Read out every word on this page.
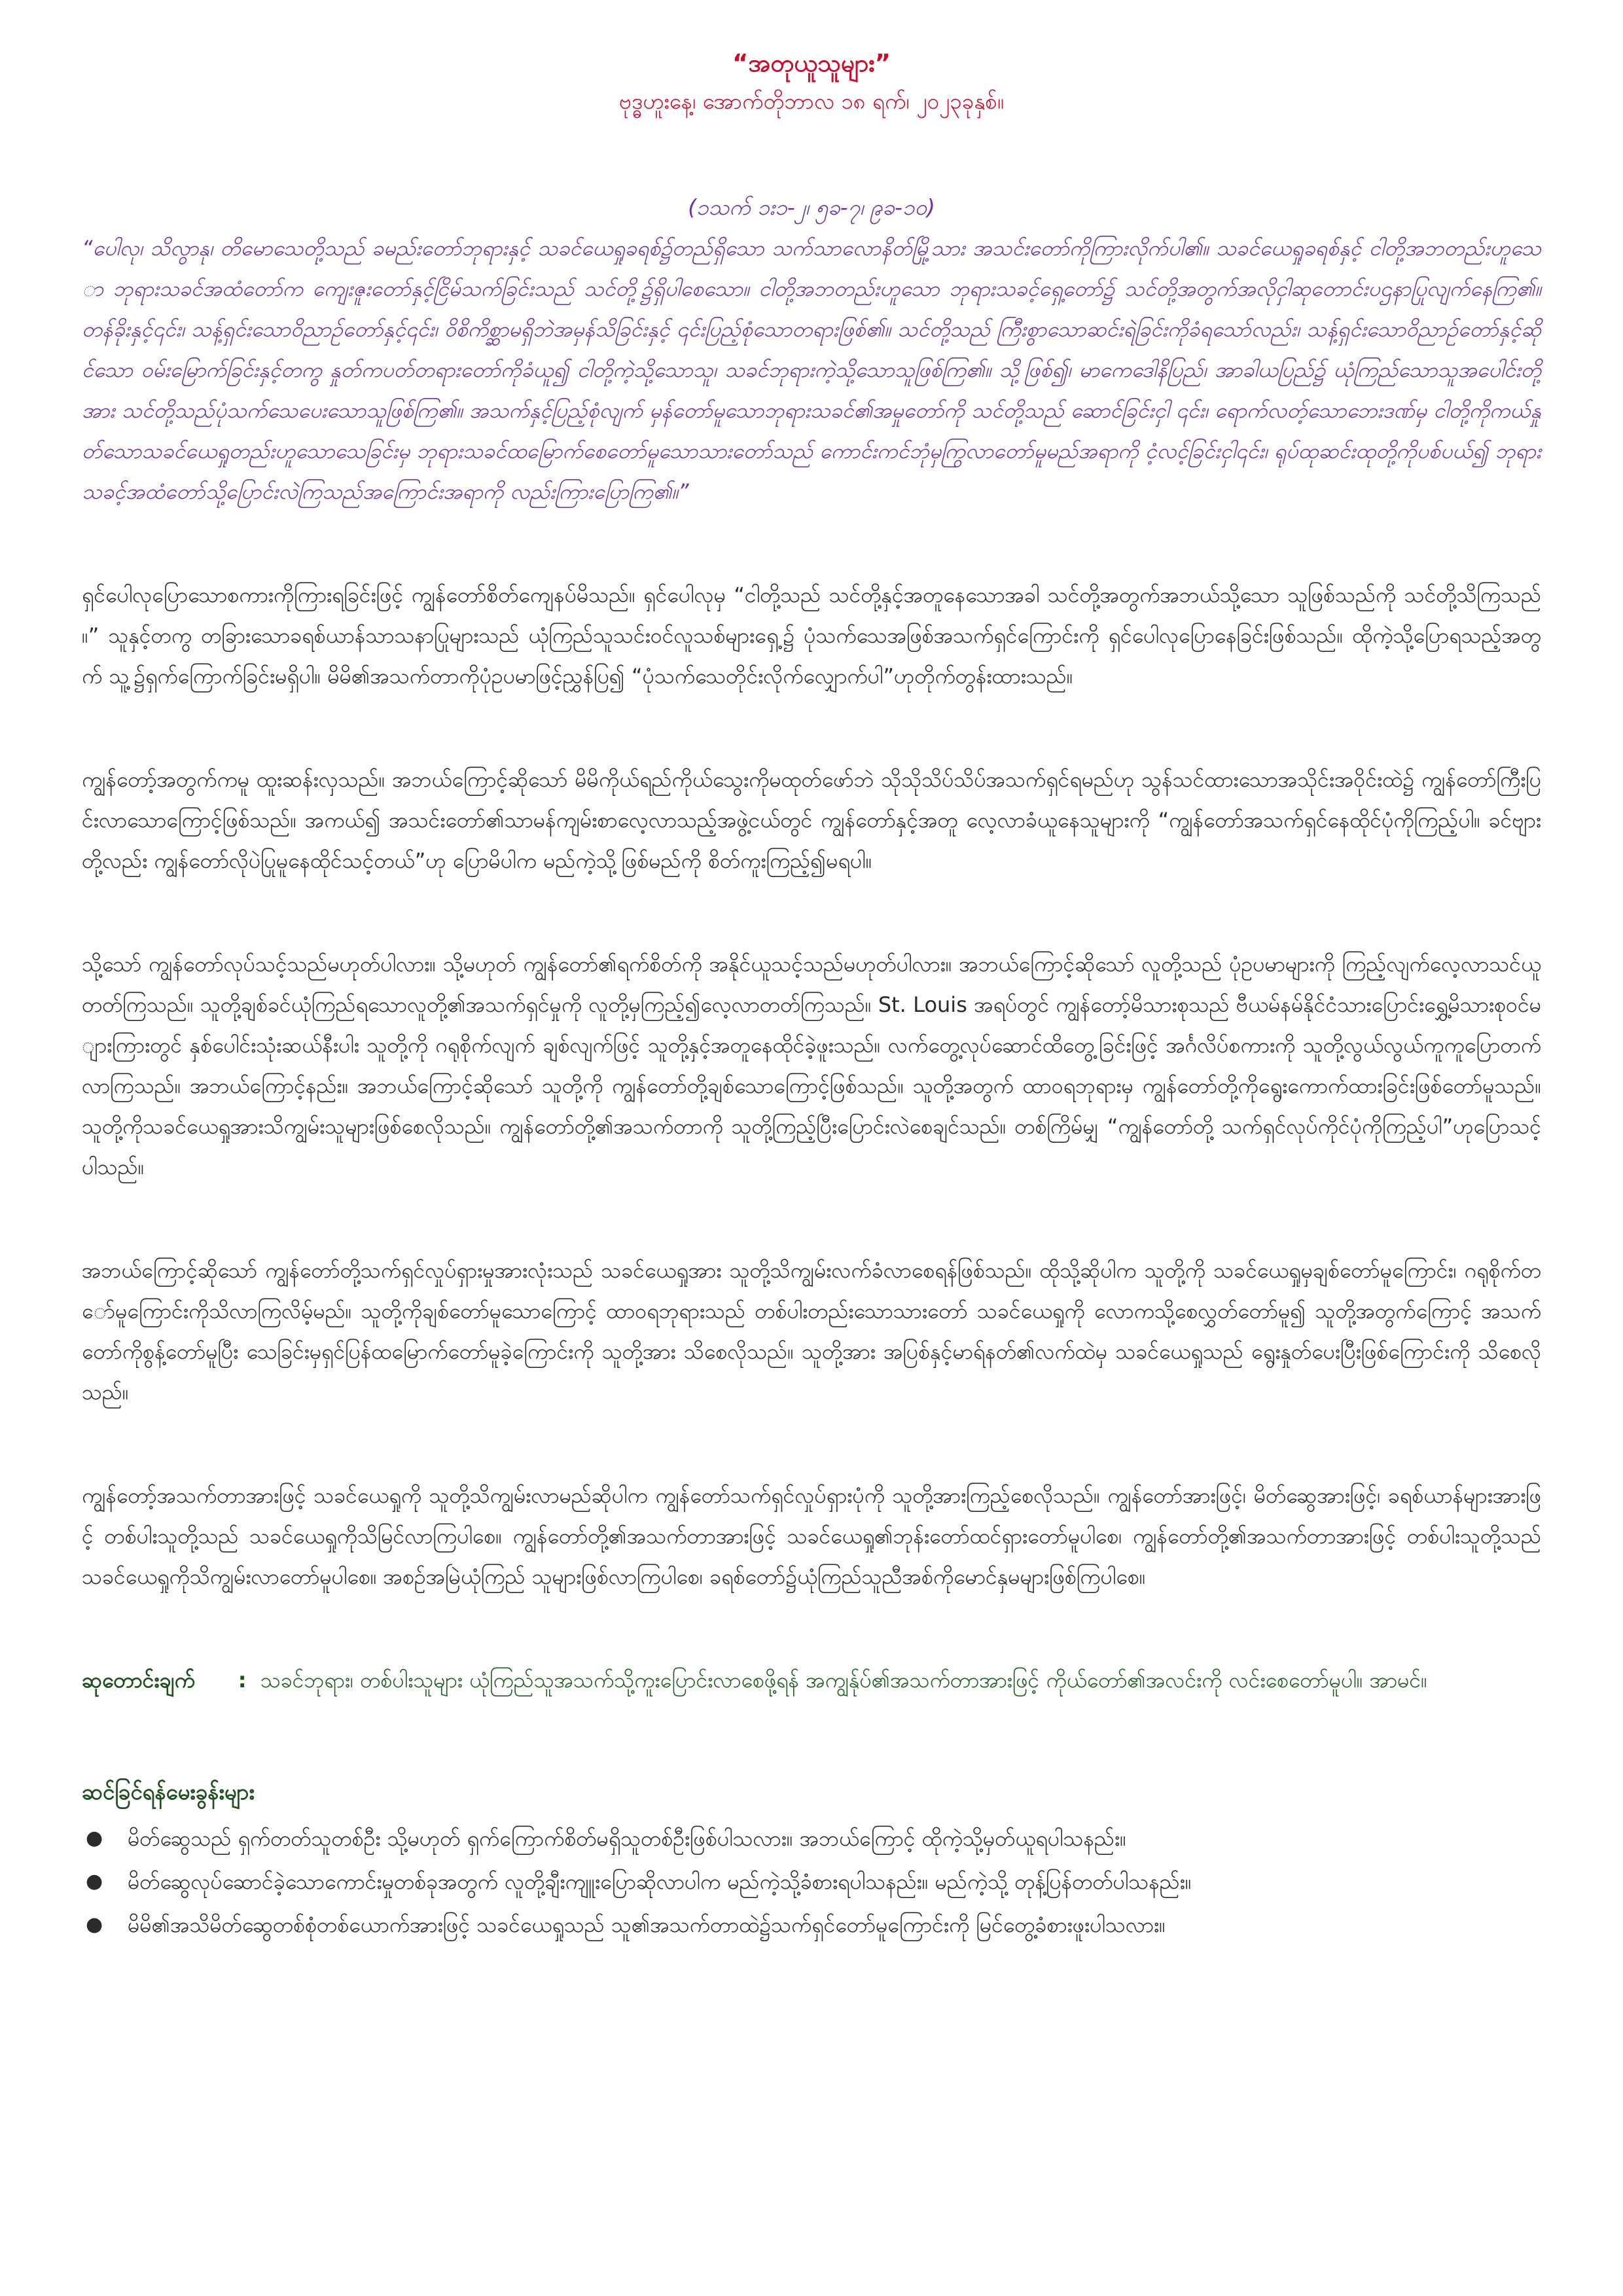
“အတုယူသူများ”

ဗုဒ္ဓဟူးနေ့၊ အောက်တိုဘာလ ၁၈ ရက်၊ ၂၀၂၃ခုနှစ်။

(၁သက် ၁း၁-၂၊ ၅ခ-၇၊ ၉ခ-၁၀)

“ပေါလု၊ သိလွာနု၊ တိမောသေတို့သည် ခမည်းတော်ဘုရားနှင့် သခင်ယေရှုခရစ်၌တည်ရှိသော သက်သာလောနိတ်မြို့သား အသင်းတော်ကိုကြားလိုက်ပါ၏။ သခင်ယေရှုခရစ်နှင့် ငါတို့အဘတည်းဟူသော ဘုရားသခင်အထံတော်က ကျေးဇူးတော်နှင့်ငြိမ်သက်ခြင်းသည် သင်တို့၌ရှိပါစေသော။ ငါတို့အဘတည်းဟူသော ဘုရားသခင့်ရှေ့တော်၌ သင်တို့အတွက်အလိုငှါဆုတောင်းပဌနာပြုလျက်နေကြ၏။ တန်ခိုးနှင့်၎င်း၊ သန့်ရှင်းသောဝိညာဉ်တော်နှင့်၎င်း၊ ဝိစိကိစ္ဆာမရှိဘဲအမှန်သိခြင်းနှင့် ၎င်းပြည့်စုံသောတရားဖြစ်၏။ သင်တို့သည် ကြီးစွာသောဆင်းရဲခြင်းကိုခံရသော်လည်း၊ သန့်ရှင်းသောဝိညာဉ်တော်နှင့်ဆိုင်သော ဝမ်းမြောက်ခြင်းနှင့်တကွ နှုတ်ကပတ်တရားတော်ကိုခံယူ၍ ငါတို့ကဲ့သို့သောသူ၊ သခင်ဘုရားကဲ့သို့သောသူဖြစ်ကြ၏။ သို့ဖြစ်၍၊ မာကေဒေါနိပြည်၊ အာခါယပြည်၌ ယုံကြည်သောသူအပေါင်းတို့အား သင်တို့သည်ပုံသက်သေပေးသောသူဖြစ်ကြ၏။ အသက်နှင့်ပြည့်စုံလျက် မှန်တော်မူသောဘုရားသခင်၏အမှုတော်ကို သင်တို့သည် ဆောင်ခြင်းငှါ ၎င်း၊ ရောက်လတ့်သောဘေးဒဏ်မှ ငါတို့ကိုကယ်နှုတ်သောသခင်ယေရှုတည်းဟူသောသေခြင်းမှ ဘုရားသခင်ထမြောက်စေတော်မူသောသားတော်သည် ကောင်းကင်ဘုံမှကြွလာတော်မူမည်အရာကို ငံ့လင့်ခြင်းငှါ၎င်း၊ ရုပ်ထုဆင်းထုတို့ကိုပစ်ပယ်၍ ဘုရားသခင့်အထံတော်သို့ပြောင်းလဲကြသည်အကြောင်းအရာကို လည်းကြားပြောကြ၏။”

ရှင်ပေါလုပြောသောစကားကိုကြားရခြင်းဖြင့် ကျွန်တော်စိတ်ကျေနပ်မိသည်။ ရှင်ပေါလုမှ “ငါတို့သည် သင်တို့နှင့်အတူနေသောအခါ သင်တို့အတွက်အဘယ်သို့သော သူဖြစ်သည်ကို သင်တို့သိကြသည်။” သူနှင့်တကွ တခြားသောခရစ်ယာန်သာသနာပြုများသည် ယုံကြည်သူသင်းဝင်လူသစ်များရှေ့၌ ပုံသက်သေအဖြစ်အသက်ရှင်ကြောင်းကို ရှင်ပေါလုပြောနေခြင်းဖြစ်သည်။ ထိုကဲ့သို့ပြောရသည့်အတွက် သူ့၌ရှက်ကြောက်ခြင်းမရှိပါ။ မိမိ၏အသက်တာကိုပုံဥပမာဖြင့်ညွှန်ပြ၍ “ပုံသက်သေတိုင်းလိုက်လျှောက်ပါ”ဟုတိုက်တွန်းထားသည်။

ကျွန်တော့်အတွက်ကမူ ထူးဆန်းလှသည်။ အဘယ်ကြောင့်ဆိုသော် မိမိကိုယ်ရည်ကိုယ်သွေးကိုမထုတ်ဖော်ဘဲ သိုသိုသိပ်သိပ်အသက်ရှင်ရမည်ဟု သွန်သင်ထားသောအသိုင်းအဝိုင်းထဲ၌ ကျွန်တော်ကြီးပြင်းလာသောကြောင့်ဖြစ်သည်။ အကယ်၍ အသင်းတော်၏သာမန်ကျမ်းစာလေ့လာသည့်အဖွဲ့ငယ်တွင် ကျွန်တော်နှင့်အတူ လေ့လာခံယူနေသူများကို “ကျွန်တော်အသက်ရှင်နေထိုင်ပုံကိုကြည့်ပါ။ ခင်ဗျားတို့လည်း ကျွန်တော်လိုပဲပြုမူနေထိုင်သင့်တယ်”ဟု ပြောမိပါက မည်ကဲ့သို့ဖြစ်မည်ကို စိတ်ကူးကြည့်၍မရပါ။

သို့သော် ကျွန်တော်လုပ်သင့်သည်မဟုတ်ပါလား။ သို့မဟုတ် ကျွန်တော်၏ရက်စိတ်ကို အနိုင်ယူသင့်သည်မဟုတ်ပါလား။ အဘယ်ကြောင့်ဆိုသော် လူတို့သည် ပုံဥပမာများကို ကြည့်လျက်လေ့လာသင်ယူတတ်ကြသည်။ သူတို့ချစ်ခင်ယုံကြည်ရသောလူတို့၏အသက်ရှင်မှုကို လူတို့မှကြည့်၍လေ့လာတတ်ကြသည်။ St. Louis အရပ်တွင် ကျွန်တော့်မိသားစုသည် ဗီယမ်နမ်နိုင်ငံသားပြောင်းရွှေ့မိသားစုဝင်များကြားတွင် နှစ်ပေါင်းသုံးဆယ်နီးပါး သူတို့ကို ဂရုစိုက်လျက် ချစ်လျက်ဖြင့် သူတို့နှင့်အတူနေထိုင်ခဲ့ဖူးသည်။ လက်တွေ့လုပ်ဆောင်ထိတွေ့ခြင်းဖြင့် အင်္ဂလိပ်စကားကို သူတို့လွယ်လွယ်ကူကူပြောတက်လာကြသည်။ အဘယ်ကြောင့်နည်း။ အဘယ်ကြောင့်ဆိုသော် သူတို့ကို ကျွန်တော်တို့ချစ်သောကြောင့်ဖြစ်သည်။ သူတို့အတွက် ထာဝရဘုရားမှ ကျွန်တော်တို့ကိုရွေးကောက်ထားခြင်းဖြစ်တော်မူသည်။ သူတို့ကိုသခင်ယေရှုအားသိကျွမ်းသူများဖြစ်စေလိုသည်။ ကျွန်တော်တို့၏အသက်တာကို သူတို့ကြည့်ပြီးပြောင်းလဲစေချင်သည်။ တစ်ကြိမ်မျှ “ကျွန်တော်တို့ သက်ရှင်လုပ်ကိုင်ပုံကိုကြည့်ပါ”ဟုပြောသင့်ပါသည်။

အဘယ်ကြောင့်ဆိုသော် ကျွန်တော်တို့သက်ရှင်လှုပ်ရှားမှုအားလုံးသည် သခင်ယေရှုအား သူတို့သိကျွမ်းလက်ခံလာစေရန်ဖြစ်သည်။ ထိုသို့ဆိုပါက သူတို့ကို သခင်ယေရှုမှချစ်တော်မူကြောင်း၊ ဂရုစိုက်တော်မူကြောင်းကိုသိလာကြလိမ့်မည်။ သူတို့ကိုချစ်တော်မူသောကြောင့် ထာဝရဘုရားသည် တစ်ပါးတည်းသောသားတော် သခင်ယေရှုကို လောကသို့စေလွှတ်တော်မူ၍ သူတို့အတွက်ကြောင့် အသက်တော်ကိုစွန့်တော်မူပြီး သေခြင်းမှရှင်ပြန်ထမြောက်တော်မူခဲ့ကြောင်းကို သူတို့အား သိစေလိုသည်။ သူတို့အား အပြစ်နှင့်မာရ်နတ်၏လက်ထဲမှ သခင်ယေရှုသည် ရွေးနှုတ်ပေးပြီးဖြစ်ကြောင်းကို သိစေလိုသည်။

ကျွန်တော့်အသက်တာအားဖြင့် သခင်ယေရှုကို သူတို့သိကျွမ်းလာမည်ဆိုပါက ကျွန်တော်သက်ရှင်လှုပ်ရှားပုံကို သူတို့အားကြည့်စေလိုသည်။ ကျွန်တော်အားဖြင့်၊ မိတ်ဆွေအားဖြင့်၊ ခရစ်ယာန်များအားဖြင့် တစ်ပါးသူတို့သည် သခင်ယေရှုကိုသိမြင်လာကြပါစေ။ ကျွန်တော်တို့၏အသက်တာအားဖြင့် သခင်ယေရှု၏ဘုန်းတော်ထင်ရှားတော်မူပါစေ၊ ကျွန်တော်တို့၏အသက်တာအားဖြင့် တစ်ပါးသူတို့သည် သခင်ယေရှုကိုသိကျွမ်းလာတော်မူပါစေ။ အစဉ်အမြဲယုံကြည် သူများဖြစ်လာကြပါစေ၊ ခရစ်တော်၌ယုံကြည်သူညီအစ်ကိုမောင်နှမများဖြစ်ကြပါစေ။

ဆုတောင်းချက် : သခင်ဘုရား၊ တစ်ပါးသူများ ယုံကြည်သူအသက်သို့ကူးပြောင်းလာစေဖို့ရန် အကျွန်ုပ်၏အသက်တာအားဖြင့် ကိုယ်တော်၏အလင်းကို လင်းစေတော်မူပါ။ အာမင်။

ဆင်ခြင်ရန်မေးခွန်းများ
● မိတ်ဆွေသည် ရှက်တတ်သူတစ်ဦး သို့မဟုတ် ရှက်ကြောက်စိတ်မရှိသူတစ်ဦးဖြစ်ပါသလား။ အဘယ်ကြောင့် ထိုကဲ့သို့မှတ်ယူရပါသနည်း။
● မိတ်ဆွေလုပ်ဆောင်ခဲ့သောကောင်းမှုတစ်ခုအတွက် လူတို့ချီးကျူးပြောဆိုလာပါက မည်ကဲ့သို့ခံစားရပါသနည်း။ မည်ကဲ့သို့ တုန့်ပြန်တတ်ပါသနည်း။
● မိမိ၏အသိမိတ်ဆွေတစ်စုံတစ်ယောက်အားဖြင့် သခင်ယေရှုသည် သူ၏အသက်တာထဲ၌သက်ရှင်တော်မူကြောင်းကို မြင်တွေ့ခံစားဖူးပါသလား။
